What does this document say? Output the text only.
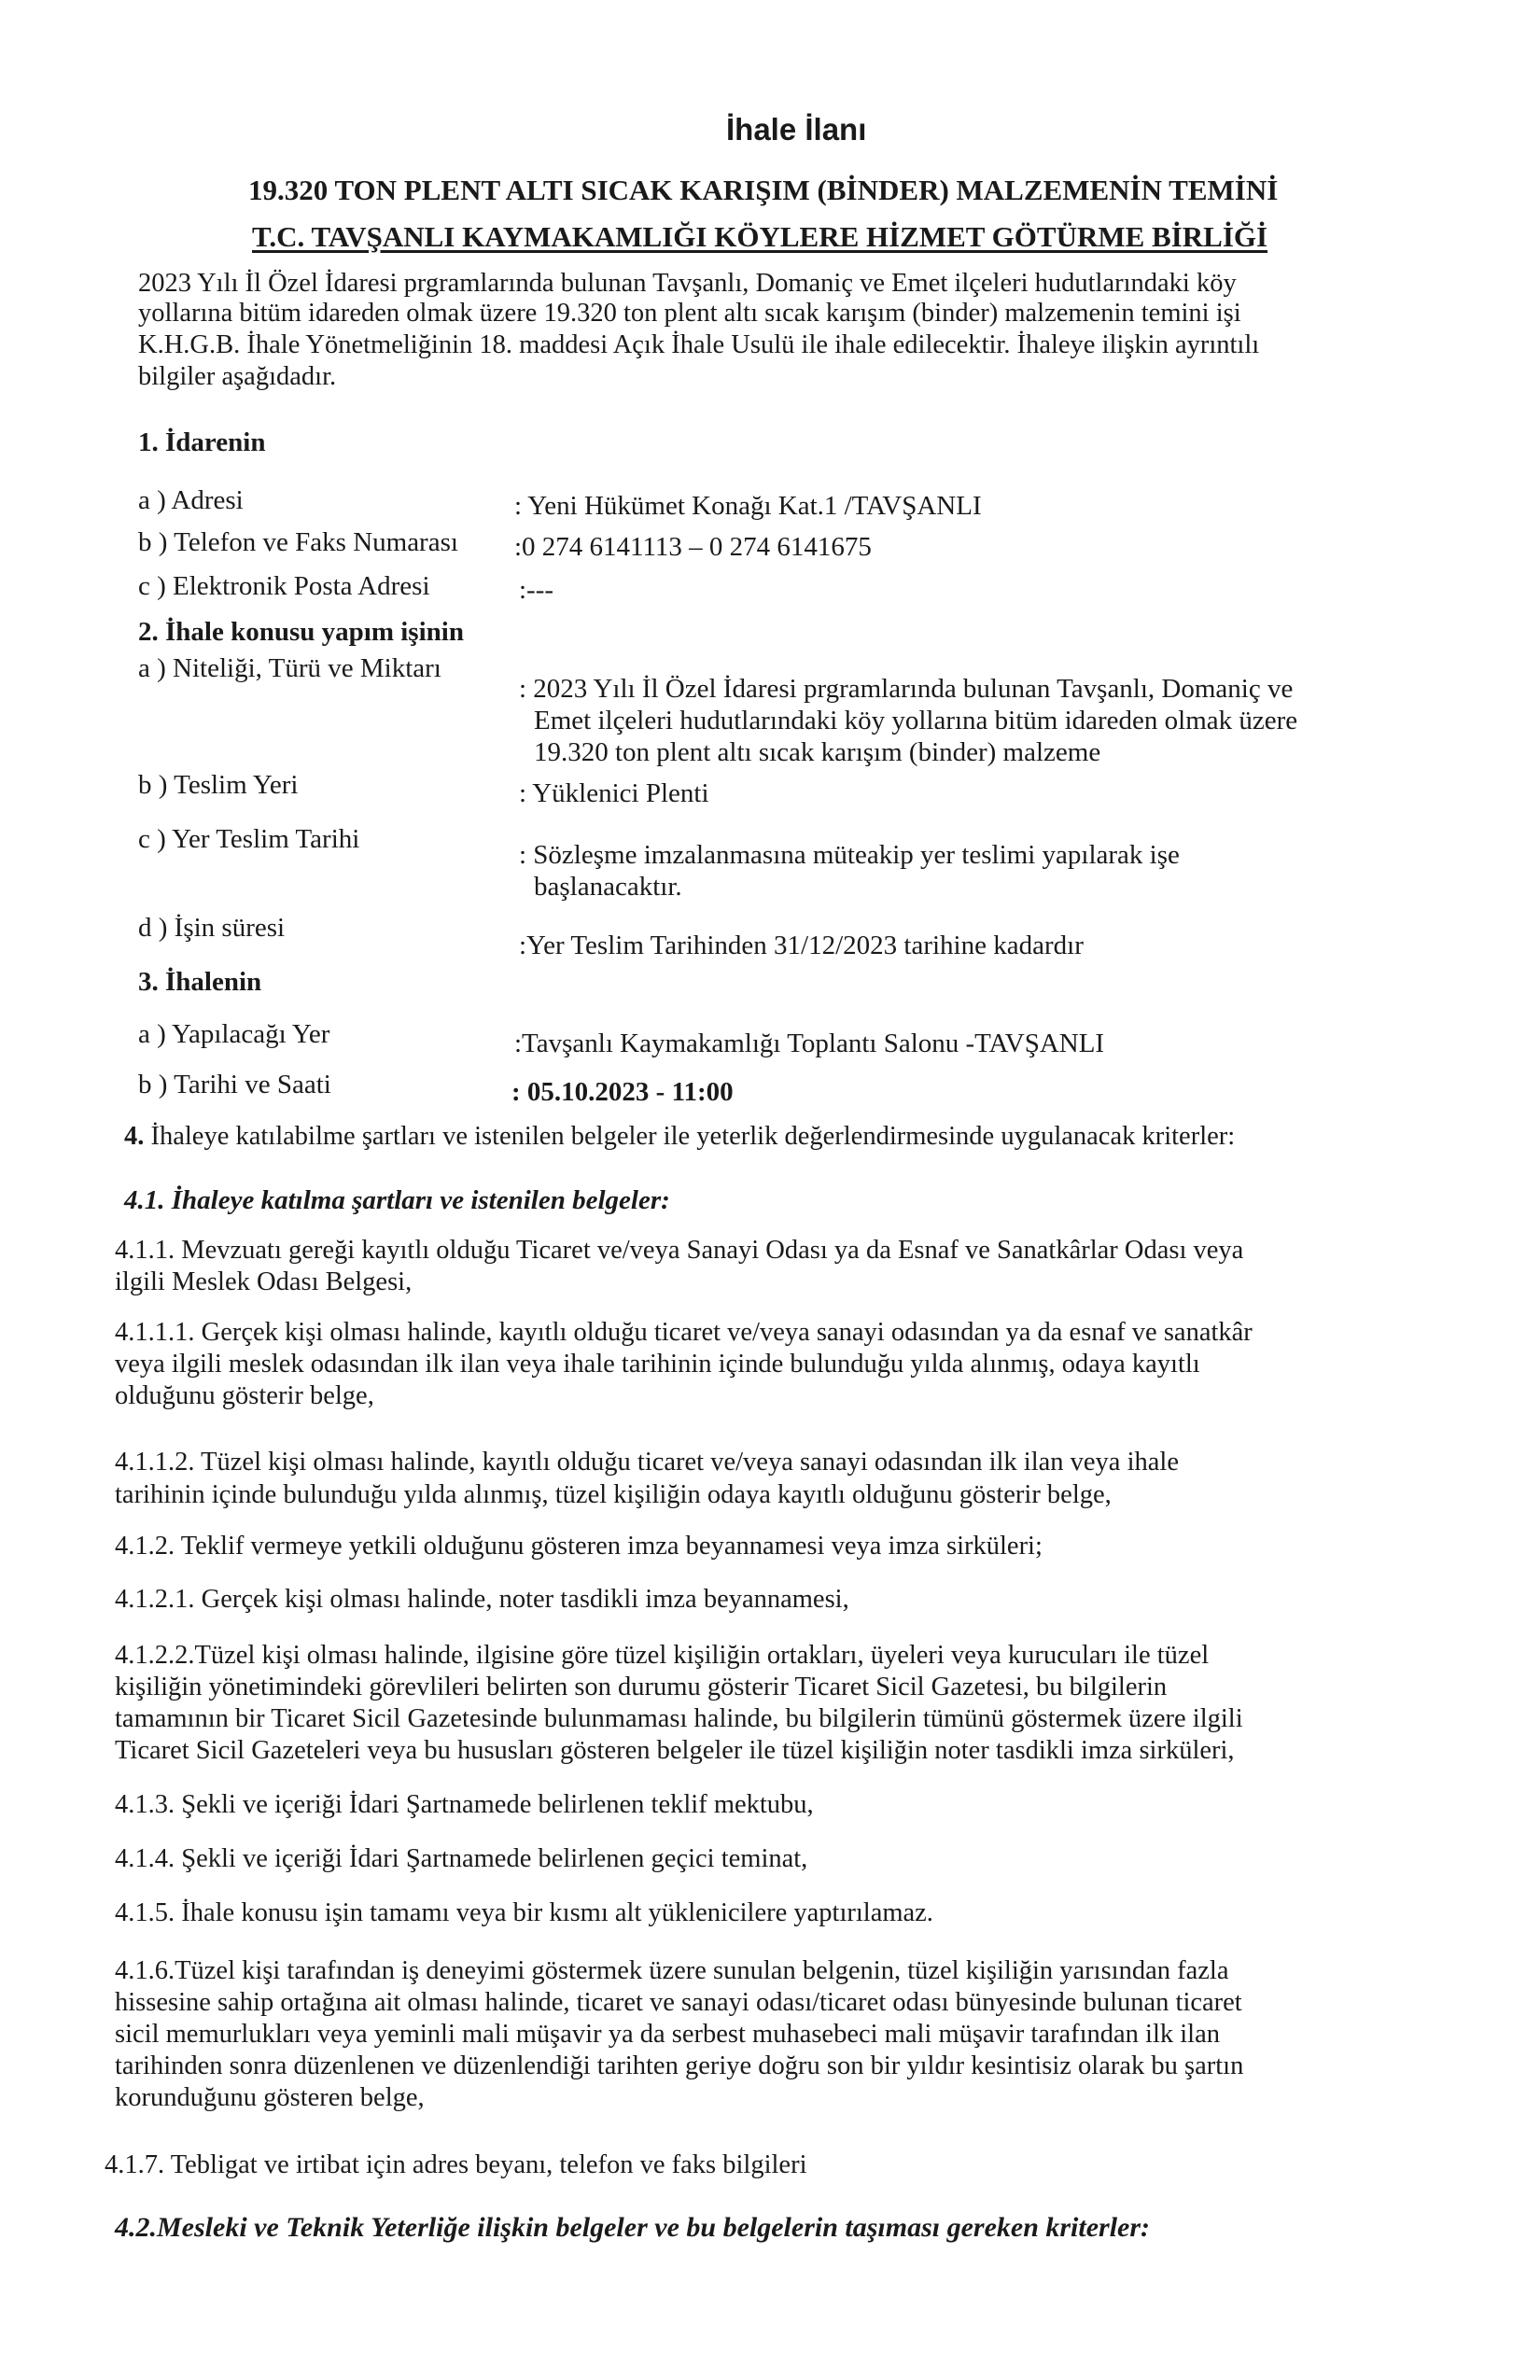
İhale İlanı
19.320 TON PLENT ALTI SICAK KARIŞIM (BİNDER) MALZEMENİN TEMİNİ
T.C. TAVŞANLI KAYMAKAMLIĞI KÖYLERE HİZMET GÖTÜRME BİRLİĞİ
2023 Yılı İl Özel İdaresi prgramlarında bulunan Tavşanlı, Domaniç ve Emet ilçeleri hudutlarındaki köy
yollarına bitüm idareden olmak üzere 19.320 ton plent altı sıcak karışım (binder) malzemenin temini işi
K.H.G.B. İhale Yönetmeliğinin 18. maddesi Açık İhale Usulü ile ihale edilecektir. İhaleye ilişkin ayrıntılı
bilgiler aşağıdadır.
1. İdarenin
a ) Adresi	: Yeni Hükümet Konağı Kat.1 /TAVŞANLI
b ) Telefon ve Faks Numarası :0 274 6141113 – 0 274 6141675
c ) Elektronik Posta Adresi	:---
2. İhale konusu yapım işinin
a ) Niteliği, Türü ve Miktarı
: 2023 Yılı İl Özel İdaresi prgramlarında bulunan Tavşanlı, Domaniç ve
Emet ilçeleri hudutlarındaki köy yollarına bitüm idareden olmak üzere
19.320 ton plent altı sıcak karışım (binder) malzeme
b ) Teslim Yeri	: Yüklenici Plenti
c ) Yer Teslim Tarihi
: Sözleşme imzalanmasına müteakip yer teslimi yapılarak işe
başlanacaktır.
d ) İşin süresi
:Yer Teslim Tarihinden 31/12/2023 tarihine kadardır
3. İhalenin
a ) Yapılacağı Yer	:Tavşanlı Kaymakamlığı Toplantı Salonu -TAVŞANLI
b ) Tarihi ve Saati	: 05.10.2023 - 11:00
4. İhaleye katılabilme şartları ve istenilen belgeler ile yeterlik değerlendirmesinde uygulanacak kriterler:
4.1. İhaleye katılma şartları ve istenilen belgeler:
4.1.1. Mevzuatı gereği kayıtlı olduğu Ticaret ve/veya Sanayi Odası ya da Esnaf ve Sanatkârlar Odası veya
ilgili Meslek Odası Belgesi,
4.1.1.1. Gerçek kişi olması halinde, kayıtlı olduğu ticaret ve/veya sanayi odasından ya da esnaf ve sanatkâr
veya ilgili meslek odasından ilk ilan veya ihale tarihinin içinde bulunduğu yılda alınmış, odaya kayıtlı
olduğunu gösterir belge,
4.1.1.2. Tüzel kişi olması halinde, kayıtlı olduğu ticaret ve/veya sanayi odasından ilk ilan veya ihale
tarihinin içinde bulunduğu yılda alınmış, tüzel kişiliğin odaya kayıtlı olduğunu gösterir belge,
4.1.2. Teklif vermeye yetkili olduğunu gösteren imza beyannamesi veya imza sirküleri;
4.1.2.1. Gerçek kişi olması halinde, noter tasdikli imza beyannamesi,
4.1.2.2.Tüzel kişi olması halinde, ilgisine göre tüzel kişiliğin ortakları, üyeleri veya kurucuları ile tüzel
kişiliğin yönetimindeki görevlileri belirten son durumu gösterir Ticaret Sicil Gazetesi, bu bilgilerin
tamamının bir Ticaret Sicil Gazetesinde bulunmaması halinde, bu bilgilerin tümünü göstermek üzere ilgili
Ticaret Sicil Gazeteleri veya bu hususları gösteren belgeler ile tüzel kişiliğin noter tasdikli imza sirküleri,
4.1.3. Şekli ve içeriği İdari Şartnamede belirlenen teklif mektubu,
4.1.4. Şekli ve içeriği İdari Şartnamede belirlenen geçici teminat,
4.1.5. İhale konusu işin tamamı veya bir kısmı alt yüklenicilere yaptırılamaz.
4.1.6.Tüzel kişi tarafından iş deneyimi göstermek üzere sunulan belgenin, tüzel kişiliğin yarısından fazla
hissesine sahip ortağına ait olması halinde, ticaret ve sanayi odası/ticaret odası bünyesinde bulunan ticaret
sicil memurlukları veya yeminli mali müşavir ya da serbest muhasebeci mali müşavir tarafından ilk ilan
tarihinden sonra düzenlenen ve düzenlendiği tarihten geriye doğru son bir yıldır kesintisiz olarak bu şartın
korunduğunu gösteren belge,
4.1.7. Tebligat ve irtibat için adres beyanı, telefon ve faks bilgileri
4.2.Mesleki ve Teknik Yeterliğe ilişkin belgeler ve bu belgelerin taşıması gereken kriterler:
